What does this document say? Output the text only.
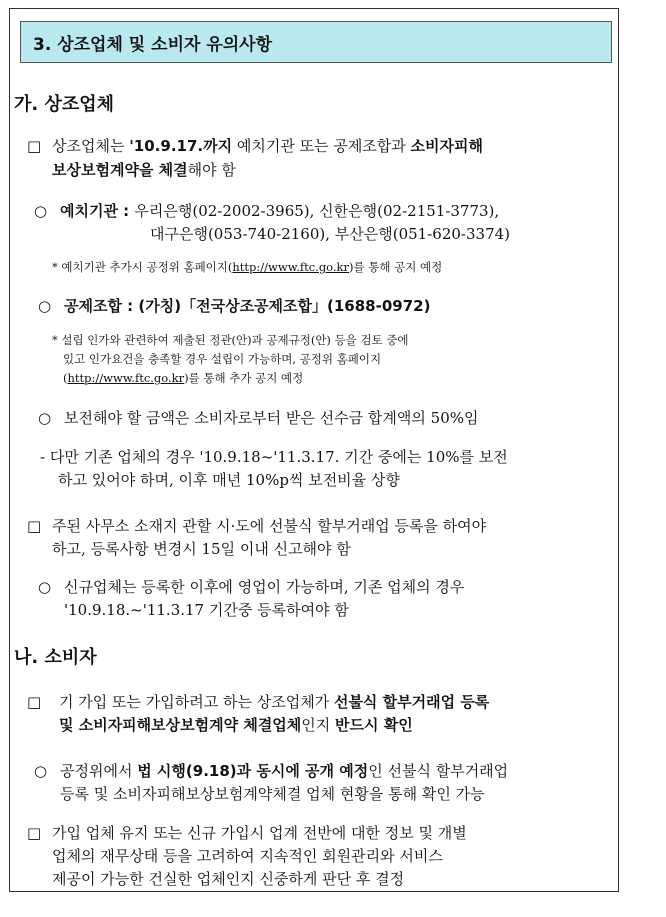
3. 상조업체 및 소비자 유의사항
가. 상조업체
□ 상조업체는 '10.9.17.까지 예치기관 또는 공제조합과 소비자피해
보상보험계약을 체결해야 함
○ 예치기관 : 우리은행(02-2002-3965), 신한은행(02-2151-3773),
대구은행(053-740-2160), 부산은행(051-620-3374)
* 예치기관 추가시 공정위 홈페이지(http://www.ftc.go.kr)를 통해 공지 예정
○ 공제조합 : (가칭)「전국상조공제조합」(1688-0972)
* 설립 인가와 관련하여 제출된 정관(안)과 공제규정(안) 등을 검토 중에
있고 인가요건을 충족할 경우 설립이 가능하며, 공정위 홈페이지
(http://www.ftc.go.kr)를 통해 추가 공지 예정
○ 보전해야 할 금액은 소비자로부터 받은 선수금 합계액의 50%임
- 다만 기존 업체의 경우 '10.9.18~'11.3.17. 기간 중에는 10%를 보전
하고 있어야 하며, 이후 매년 10%p씩 보전비율 상향
□ 주된 사무소 소재지 관할 시·도에 선불식 할부거래업 등록을 하여야
하고, 등록사항 변경시 15일 이내 신고해야 함
○ 신규업체는 등록한 이후에 영업이 가능하며, 기존 업체의 경우
'10.9.18.~'11.3.17 기간중 등록하여야 함
나. 소비자
□ 기 가입 또는 가입하려고 하는 상조업체가 선불식 할부거래업 등록
및 소비자피해보상보험계약 체결업체인지 반드시 확인
○ 공정위에서 법 시행(9.18)과 동시에 공개 예정인 선불식 할부거래업
등록 및 소비자피해보상보험계약체결 업체 현황을 통해 확인 가능
□ 가입 업체 유지 또는 신규 가입시 업계 전반에 대한 정보 및 개별
업체의 재무상태 등을 고려하여 지속적인 회원관리와 서비스
제공이 가능한 건실한 업체인지 신중하게 판단 후 결정
